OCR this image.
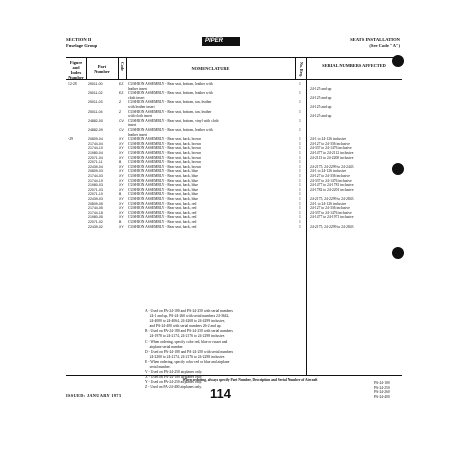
SECTION II
Fuselage Group
PIPER	SEATS INSTALLATION
(See Code "A")
Figure and Index Number
Part Number
Code	NOMENCLATURE	No. Req.	SERIAL NUMBERS AFFECTED
12-28	25011-00	EZ CUSHION ASSEMBLY - Rear seat, bottom, leather with	1
leather insert	24-125 and up
25011-02	EZ CUSHION ASSEMBLY - Rear seat, bottom, leather with	1
cloth insert	24-125 and up
25011-03	Z CUSHION ASSEMBLY - Rear seat, bottom, tan, leather	1
with leather insert	24-125 and up
25011-04	Z CUSHION ASSEMBLY - Rear seat, bottom, tan, leather	1
with cloth insert	24-125 and up
24882-00	CV CUSHION ASSEMBLY - Rear seat, bottom, vinyl with cloth	1
insert
24882-09	CV CUSHION ASSEMBLY - Rear seat, bottom, leather with	1
leather insert
-29	20809-04	XY CUSHION ASSEMBLY - Rear seat, back, brown	1 24-1 to 24-126 inclusive
21744-04	XY CUSHION ASSEMBLY - Rear seat, back, brown	1 24-127 to 24-336 inclusive
21744-10	XY CUSHION ASSEMBLY - Rear seat, back, brown	1 24-337 to 24-1476 inclusive
21980-04	XY CUSHION ASSEMBLY - Rear seat, back, brown	1 24-1477 to 24-2112 inclusive
22071-04	XY CUSHION ASSEMBLY - Rear seat, back, brown	1 24-2113 to 24-2200 inclusive
22071-11	B CUSHION ASSEMBLY - Rear seat, back, brown	1
22439-04	XY CUSHION ASSEMBLY - Rear seat, back, brown	1 24-2175, 24-2299 to 24-2443
20809-03	XY CUSHION ASSEMBLY - Rear seat, back, blue	1 24-1 to 24-126 inclusive
21744-03	XY CUSHION ASSEMBLY - Rear seat, back, blue	1 24-127 to 24-336 inclusive
21744-19	XY CUSHION ASSEMBLY - Rear seat, back, blue	1 24-337 to 24-1476 inclusive
21980-03	XY CUSHION ASSEMBLY - Rear seat, back, blue	1 24-1477 to 24-1781 inclusive
22071-03	XY CUSHION ASSEMBLY - Rear seat, back, blue	1 24-1782 to 24-2201 inclusive
22071-10	B CUSHION ASSEMBLY - Rear seat, back, blue	1
22439-03	XY CUSHION ASSEMBLY - Rear seat, back, blue	1 24-2175, 24-2299 to 24-2843
20809-05	XY CUSHION ASSEMBLY - Rear seat, back, red	1 24-1 to 24-126 inclusive
21744-05	XY CUSHION ASSEMBLY - Rear seat, back, red	1 24-127 to 24-336 inclusive
21744-18	XY CUSHION ASSEMBLY - Rear seat, back, red	1 24-337 to 24-1476 inclusive
21980-05	XY CUSHION ASSEMBLY - Rear seat, back, red	1 24-1477 to 24-1971 inclusive
22071-02	B CUSHION ASSEMBLY - Rear seat, back, red	1
22439-02	XY CUSHION ASSEMBLY - Rear seat, back, red	1 24-2175, 24-2299 to 24-2843
A - Used on PA-24-180 and PA-24-250 with serial numbers
24-1 and up, PA-24-260 with serial numbers 24-3642,
24-4000 to 24-4064, 24-4268 to 24-4299 inclusive,
and PA-24-400 with serial numbers 26-2 and up.
B - Used on PA-24-180 and PA-24-250 with serial numbers
24-1978 to 24-2174, 24-2176 to 24-2298 inclusive.
C - When ordering, specify color red, blue or russet and
airplane serial number.
D - Used on PA-24-180 and PA-24-250 with serial numbers
24-2200 to 24-2174, 24-2176 to 24-2298 inclusive.
E - When ordering, specify color red or blue and airplane
serial number.
V - Used on PA-24-250 airplanes only.
X - Used on PA-24-180 airplanes only.
Y - Used on PA-24-250 airplanes only.
Z - Used on PA-24-400 airplanes only.
When ordering, always specify Part Number, Description and Serial Number of Aircraft
ISSUED: JANUARY 1973	114
PA-24-180
PA-24-250
PA-24-260
PA-24-400
